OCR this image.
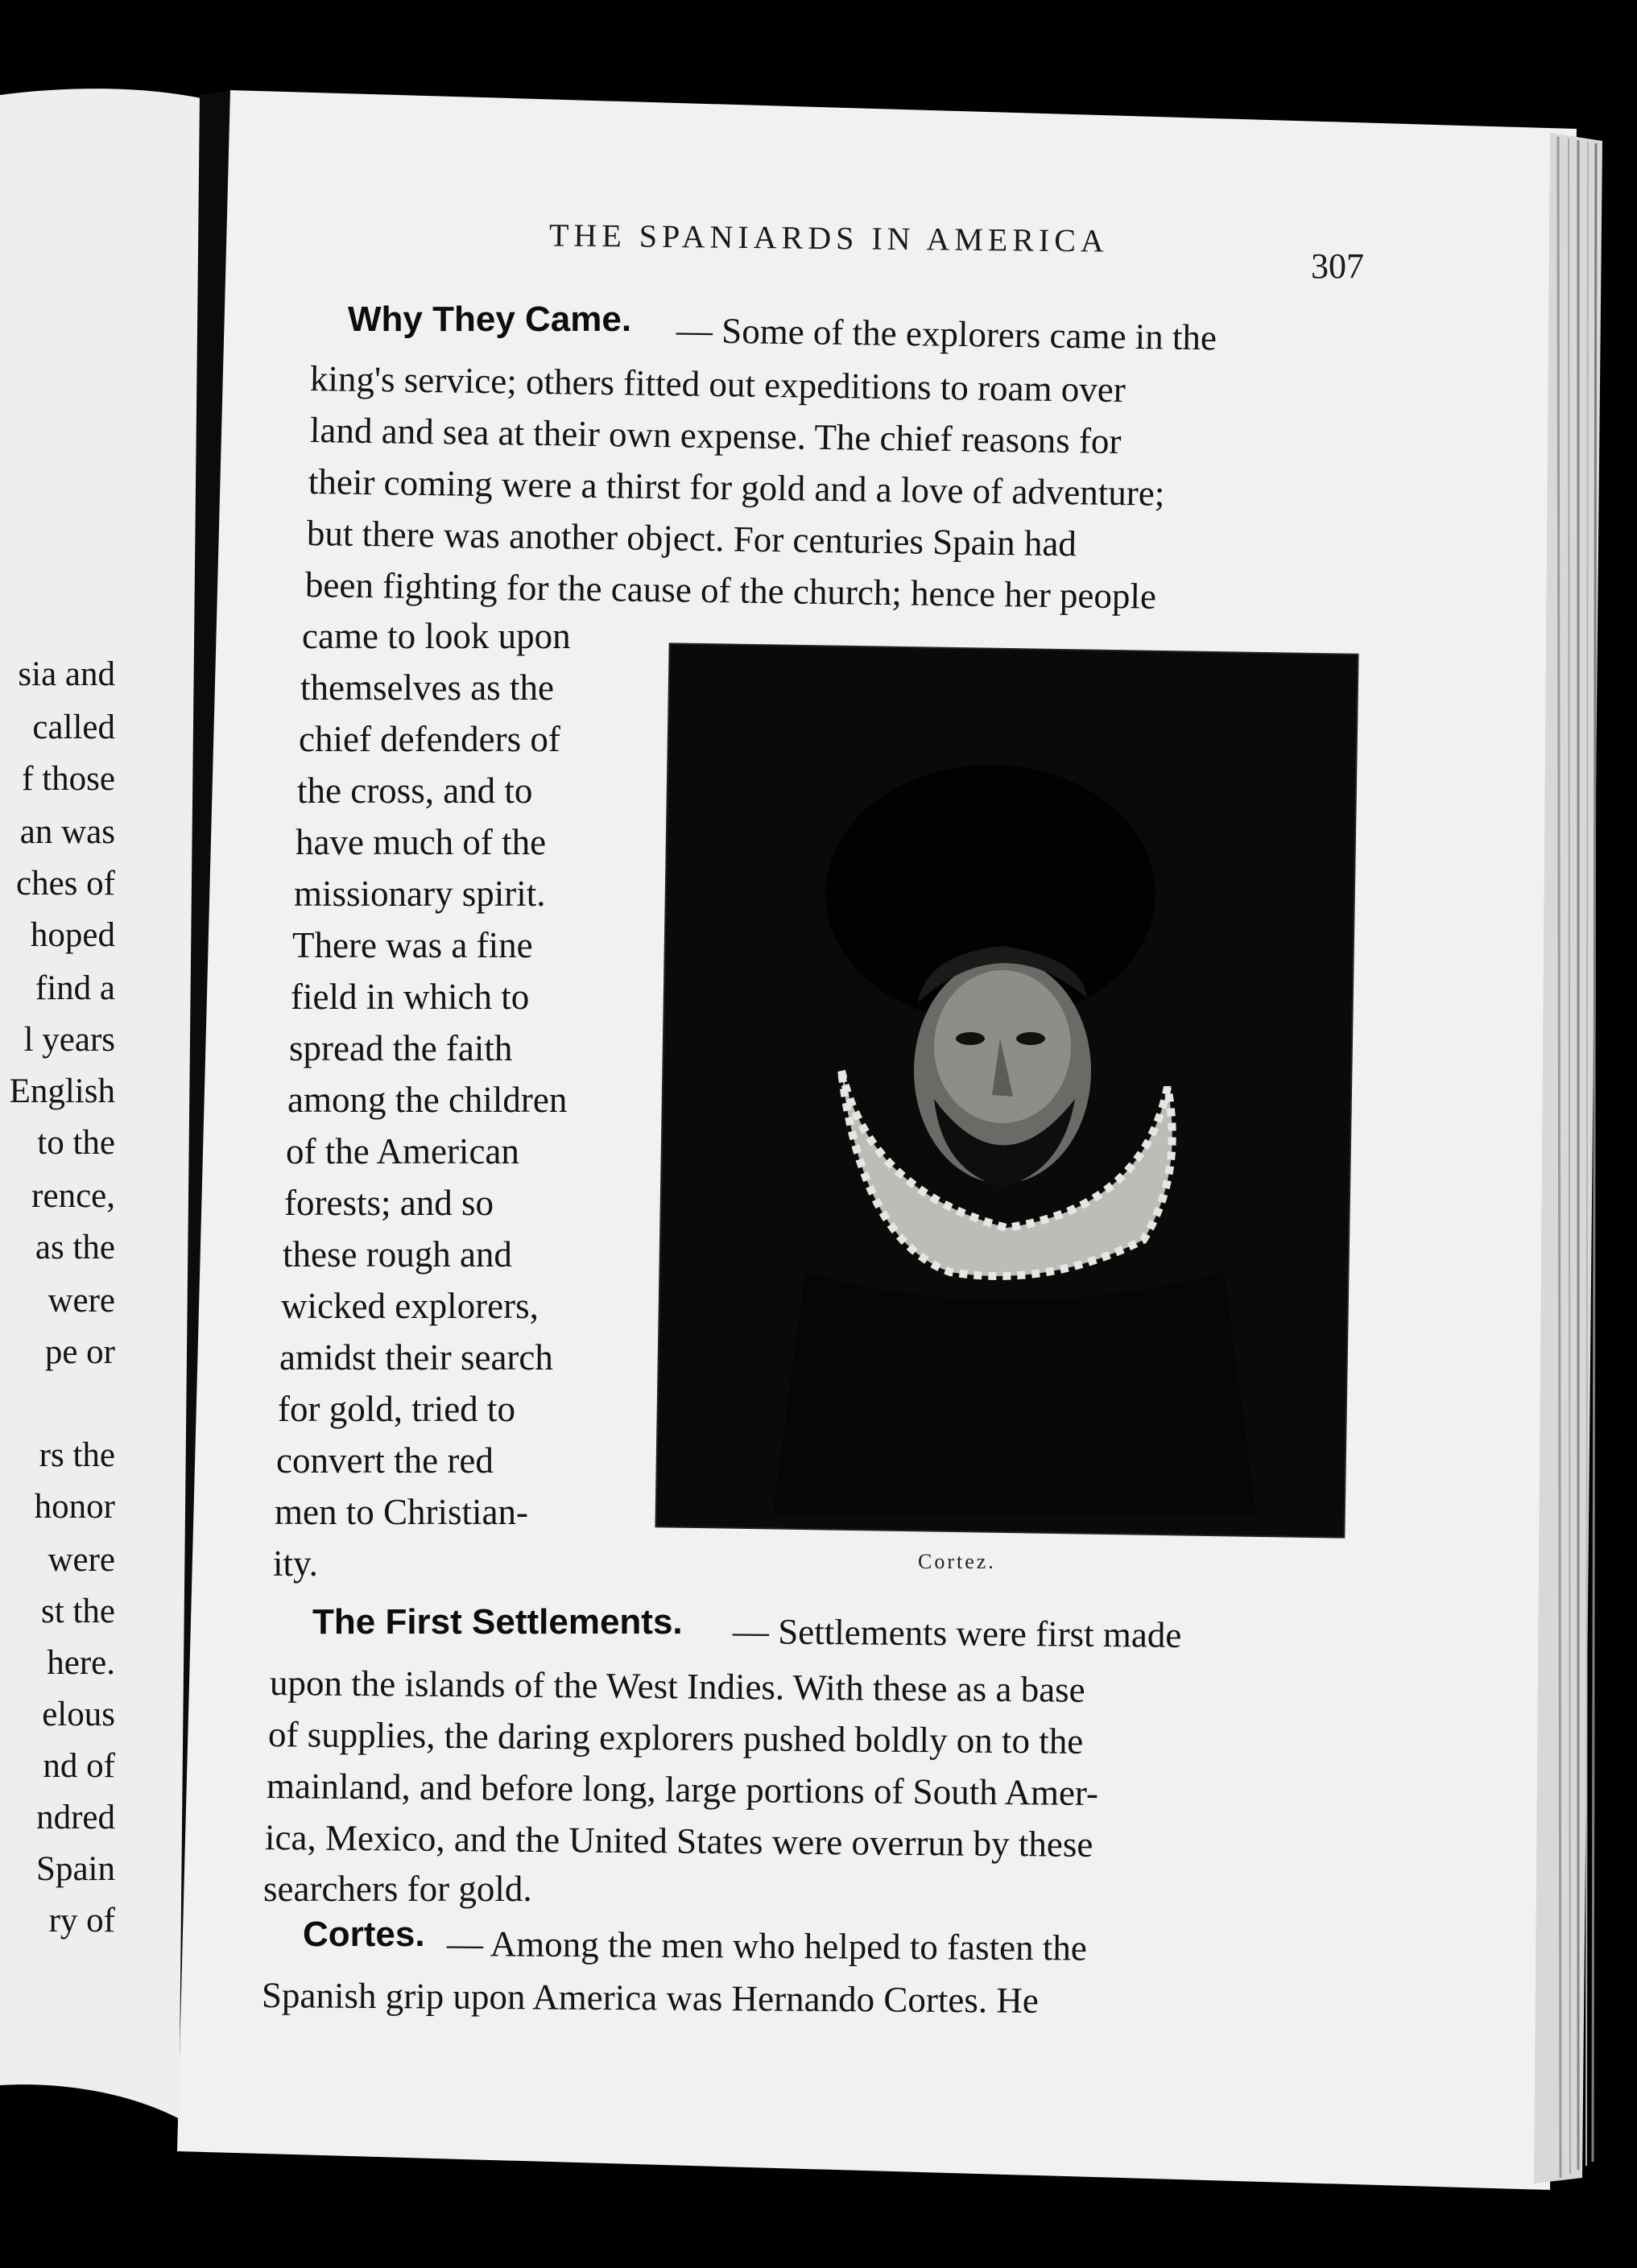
THE SPANIARDS IN AMERICA
307
sia and
called
f those
an was
ches of
hoped
find a
l years
English
to the
rence,
as the
were
pe or
rs the
honor
were
st the
here.
elous
nd of
ndred
Spain
ry of
Why They Came. — Some of the explorers came in the
king's service; others fitted out expeditions to roam over
land and sea at their own expense. The chief reasons for
their coming were a thirst for gold and a love of adventure;
but there was another object. For centuries Spain had
been fighting for the cause of the church; hence her people
came to look upon
themselves as the
chief defenders of
the cross, and to
have much of the
missionary spirit.
There was a fine
field in which to
spread the faith
among the children
of the American
forests; and so
these rough and
wicked explorers,
amidst their search
for gold, tried to
convert the red
men to Christian-
ity.	Cortez.
The First Settlements. — Settlements were first made
upon the islands of the West Indies. With these as a base
of supplies, the daring explorers pushed boldly on to the
mainland, and before long, large portions of South Amer-
ica, Mexico, and the United States were overrun by these
searchers for gold.
Cortes. — Among the men who helped to fasten the
Spanish grip upon America was Hernando Cortes. He
